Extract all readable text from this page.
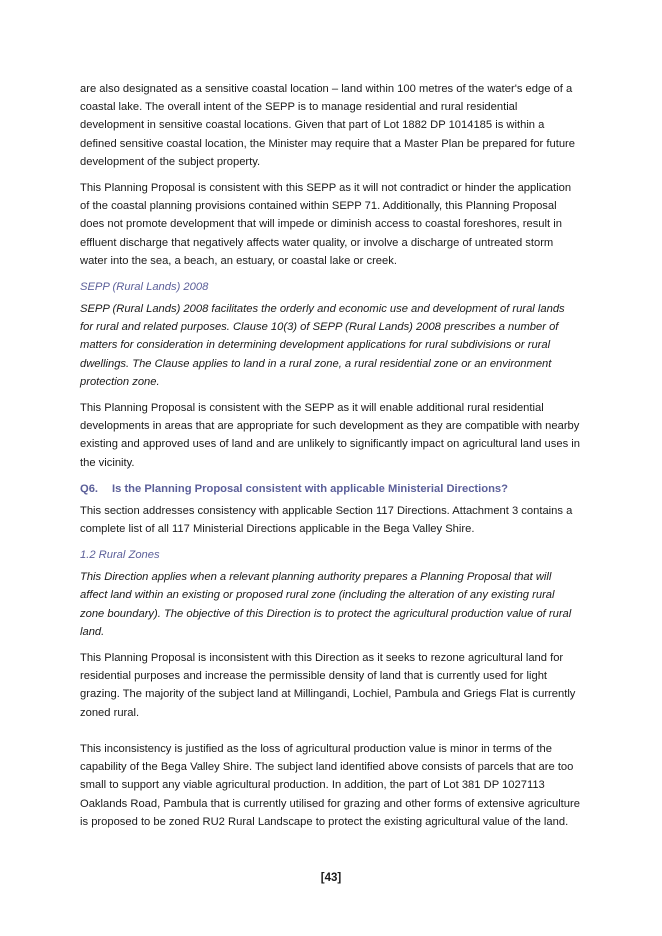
are also designated as a sensitive coastal location – land within 100 metres of the water's edge of a coastal lake. The overall intent of the SEPP is to manage residential and rural residential development in sensitive coastal locations. Given that part of Lot 1882 DP 1014185 is within a defined sensitive coastal location, the Minister may require that a Master Plan be prepared for future development of the subject property.

This Planning Proposal is consistent with this SEPP as it will not contradict or hinder the application of the coastal planning provisions contained within SEPP 71. Additionally, this Planning Proposal does not promote development that will impede or diminish access to coastal foreshores, result in effluent discharge that negatively affects water quality, or involve a discharge of untreated storm water into the sea, a beach, an estuary, or coastal lake or creek.

SEPP (Rural Lands) 2008

SEPP (Rural Lands) 2008 facilitates the orderly and economic use and development of rural lands for rural and related purposes. Clause 10(3) of SEPP (Rural Lands) 2008 prescribes a number of matters for consideration in determining development applications for rural subdivisions or rural dwellings. The Clause applies to land in a rural zone, a rural residential zone or an environment protection zone.

This Planning Proposal is consistent with the SEPP as it will enable additional rural residential developments in areas that are appropriate for such development as they are compatible with nearby existing and approved uses of land and are unlikely to significantly impact on agricultural land uses in the vicinity.

Q6.	Is the Planning Proposal consistent with applicable Ministerial Directions?

This section addresses consistency with applicable Section 117 Directions. Attachment 3 contains a complete list of all 117 Ministerial Directions applicable in the Bega Valley Shire.

1.2 Rural Zones

This Direction applies when a relevant planning authority prepares a Planning Proposal that will affect land within an existing or proposed rural zone (including the alteration of any existing rural zone boundary). The objective of this Direction is to protect the agricultural production value of rural land.

This Planning Proposal is inconsistent with this Direction as it seeks to rezone agricultural land for residential purposes and increase the permissible density of land that is currently used for light grazing. The majority of the subject land at Millingandi, Lochiel, Pambula and Griegs Flat is currently zoned rural.

This inconsistency is justified as the loss of agricultural production value is minor in terms of the capability of the Bega Valley Shire. The subject land identified above consists of parcels that are too small to support any viable agricultural production. In addition, the part of Lot 381 DP 1027113 Oaklands Road, Pambula that is currently utilised for grazing and other forms of extensive agriculture is proposed to be zoned RU2 Rural Landscape to protect the existing agricultural value of the land.

[43]
